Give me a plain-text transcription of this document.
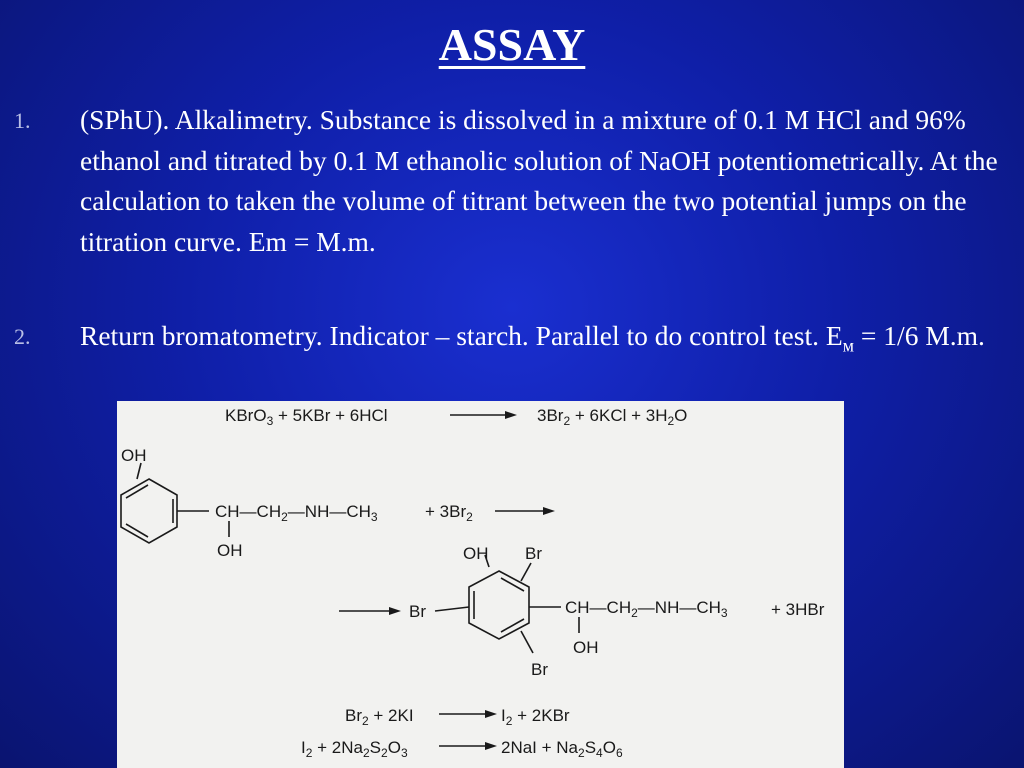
ASSAY
1. (SPhU). Alkalimetry. Substance is dissolved in a mixture of 0.1 M HCl and 96% ethanol and titrated by 0.1 M ethanolic solution of NaOH potentiometrically. At the calculation to taken the volume of titrant between the two potential jumps on the titration curve. Em = M.m.
2. Return bromatometry. Indicator – starch. Parallel to do control test. $E_м = 1/6$ M.m.
KBrO$_3$ + 5KBr + 6HCl	$3Br_2 + 6KCl + 3H_2O$
OH
$CH—CH_2—NH—CH_3$
OH
+ $3Br_2$
Br
OH Br
$CH—CH_2—NH—CH_3$
OH
Br
+ 3HBr
$Br_2 + 2KI$	$I_2 + 2KBr$
$I_2 + 2Na_2S_2O_3$	$2NaI + Na_2S_4O_6$
